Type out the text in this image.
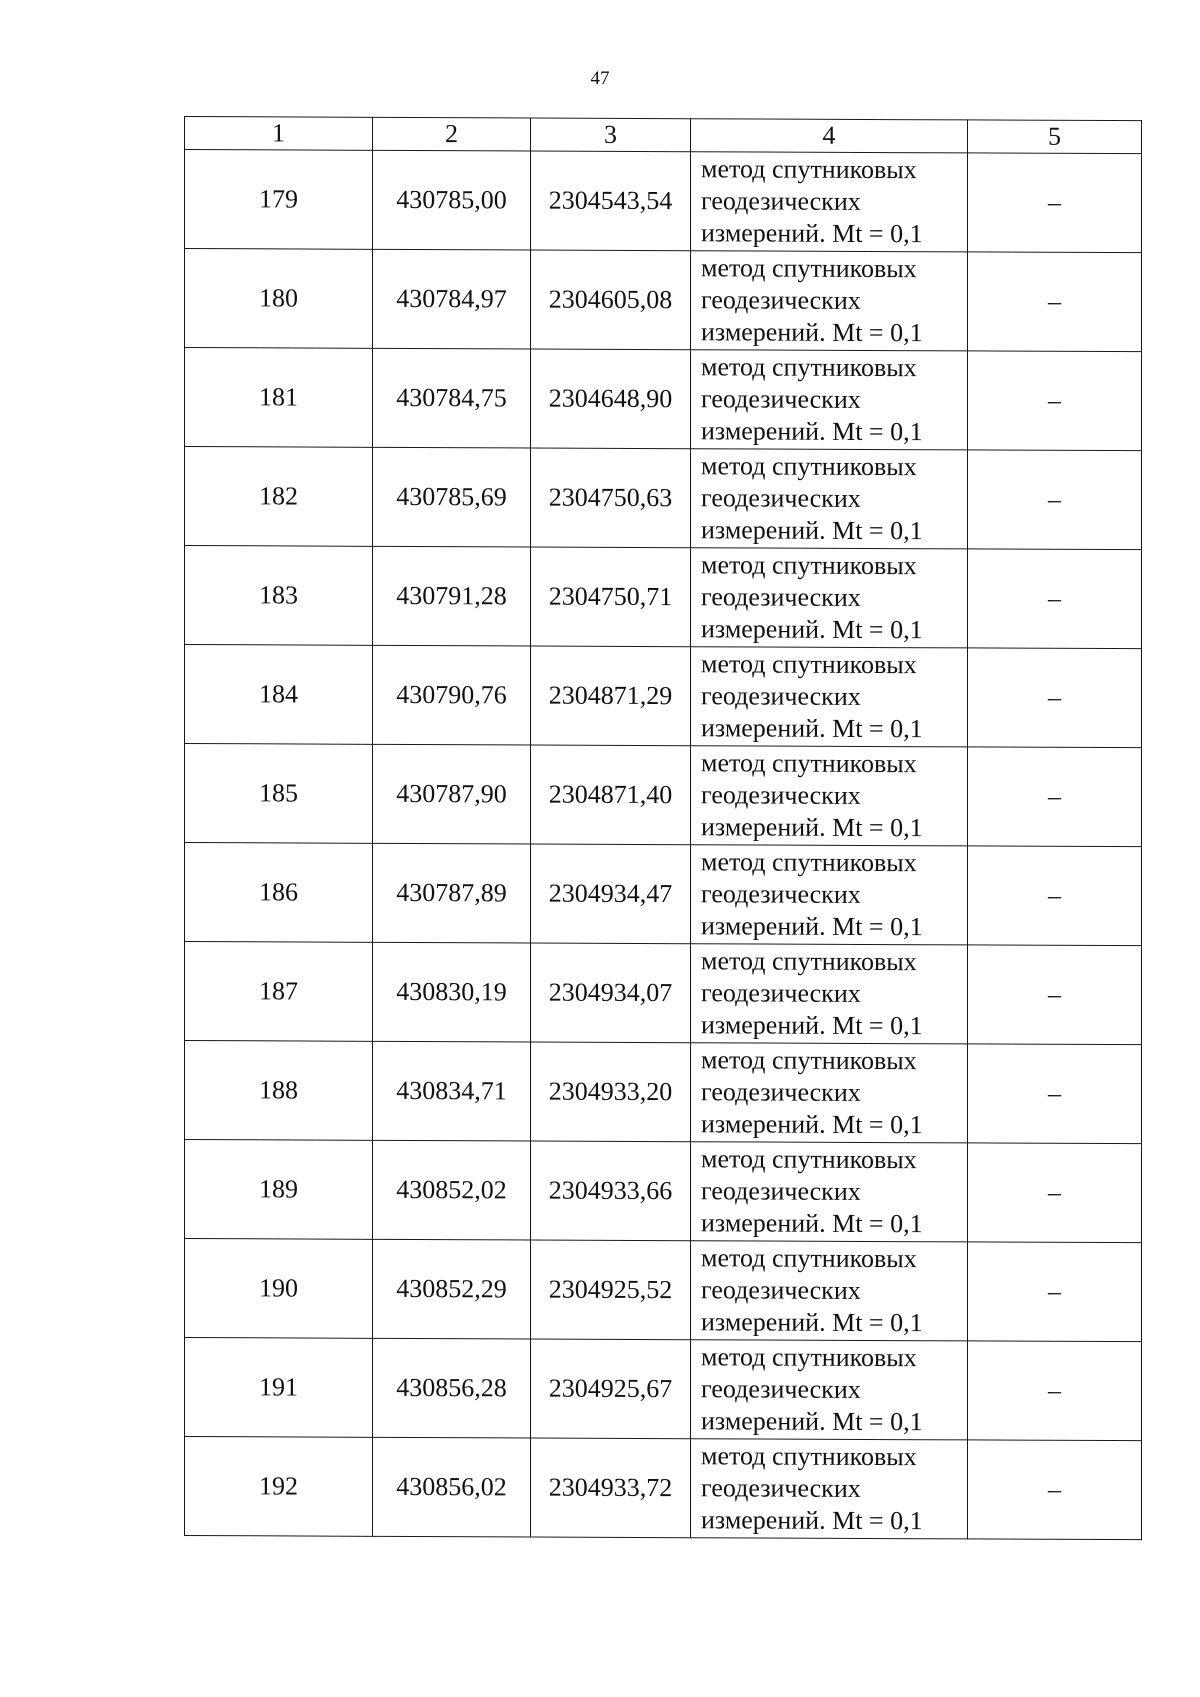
47
1	2	3	4	5
179	430785,00	2304543,54	метод спутниковых
геодезических
измерений. Mt = 0,1	–
180	430784,97	2304605,08	метод спутниковых
геодезических
измерений. Mt = 0,1	–
181	430784,75	2304648,90	метод спутниковых
геодезических
измерений. Mt = 0,1	–
182	430785,69	2304750,63	метод спутниковых
геодезических
измерений. Mt = 0,1	–
183	430791,28	2304750,71	метод спутниковых
геодезических
измерений. Mt = 0,1	–
184	430790,76	2304871,29	метод спутниковых
геодезических
измерений. Mt = 0,1	–
185	430787,90	2304871,40	метод спутниковых
геодезических
измерений. Mt = 0,1	–
186	430787,89	2304934,47	метод спутниковых
геодезических
измерений. Mt = 0,1	–
187	430830,19	2304934,07	метод спутниковых
геодезических
измерений. Mt = 0,1	–
188	430834,71	2304933,20	метод спутниковых
геодезических
измерений. Mt = 0,1	–
189	430852,02	2304933,66	метод спутниковых
геодезических
измерений. Mt = 0,1	–
190	430852,29	2304925,52	метод спутниковых
геодезических
измерений. Mt = 0,1	–
191	430856,28	2304925,67	метод спутниковых
геодезических
измерений. Mt = 0,1	–
192	430856,02	2304933,72	метод спутниковых
геодезических
измерений. Mt = 0,1	–
